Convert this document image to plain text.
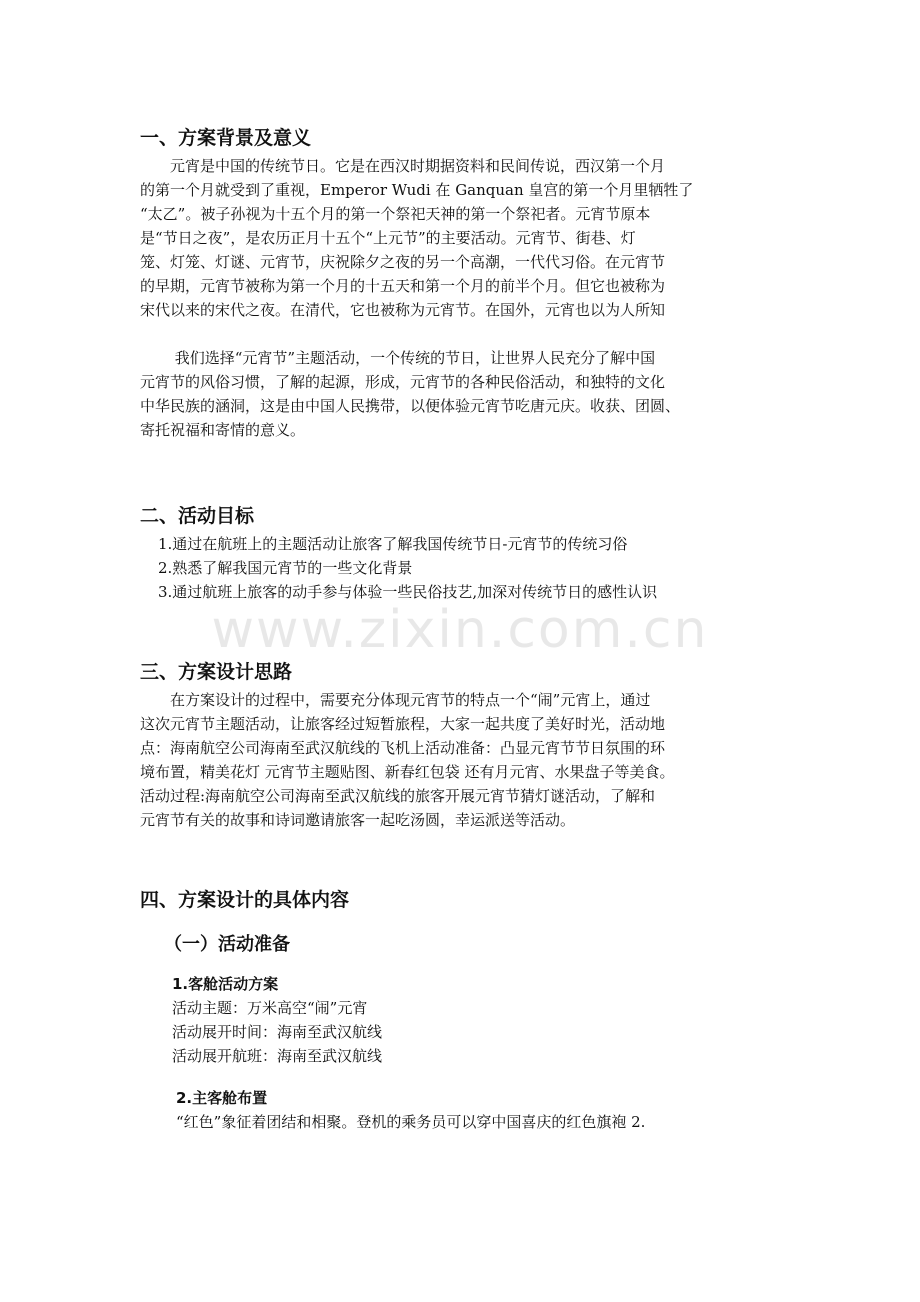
www.zixin.com.cn
一、方案背景及意义

　　元宵是中国的传统节日。它是在西汉时期据资料和民间传说，西汉第一个月
的第一个月就受到了重视，Emperor Wudi 在 Ganquan 皇宫的第一个月里牺牲了
“太乙”。被子孙视为十五个月的第一个祭祀天神的第一个祭祀者。元宵节原本
是“节日之夜”，是农历正月十五个“上元节”的主要活动。元宵节、街巷、灯
笼、灯笼、灯谜、元宵节，庆祝除夕之夜的另一个高潮，一代代习俗。在元宵节
的早期，元宵节被称为第一个月的十五天和第一个月的前半个月。但它也被称为
宋代以来的宋代之夜。在清代，它也被称为元宵节。在国外，元宵也以为人所知

　　 我们选择“元宵节”主题活动，一个传统的节日，让世界人民充分了解中国
元宵节的风俗习惯，了解的起源，形成，元宵节的各种民俗活动，和独特的文化
中华民族的涵洞，这是由中国人民携带，以便体验元宵节吃唐元庆。收获、团圆、
寄托祝福和寄情的意义。

二、活动目标
1.通过在航班上的主题活动让旅客了解我国传统节日-元宵节的传统习俗
2.熟悉了解我国元宵节的一些文化背景
3.通过航班上旅客的动手参与体验一些民俗技艺,加深对传统节日的感性认识
三、方案设计思路

　　在方案设计的过程中，需要充分体现元宵节的特点一个“闹”元宵上，通过
这次元宵节主题活动，让旅客经过短暂旅程，大家一起共度了美好时光，活动地
点：海南航空公司海南至武汉航线的飞机上活动准备：凸显元宵节节日氛围的环
境布置，精美花灯 元宵节主题贴图、新春红包袋 还有月元宵、水果盘子等美食。
活动过程:海南航空公司海南至武汉航线的旅客开展元宵节猜灯谜活动，了解和
元宵节有关的故事和诗词邀请旅客一起吃汤圆，幸运派送等活动。

四、方案设计的具体内容
（一）活动准备
1.客舱活动方案
活动主题：万米高空“闹”元宵
活动展开时间：海南至武汉航线
活动展开航班：海南至武汉航线
2.主客舱布置
“红色”象征着团结和相聚。登机的乘务员可以穿中国喜庆的红色旗袍 2.
